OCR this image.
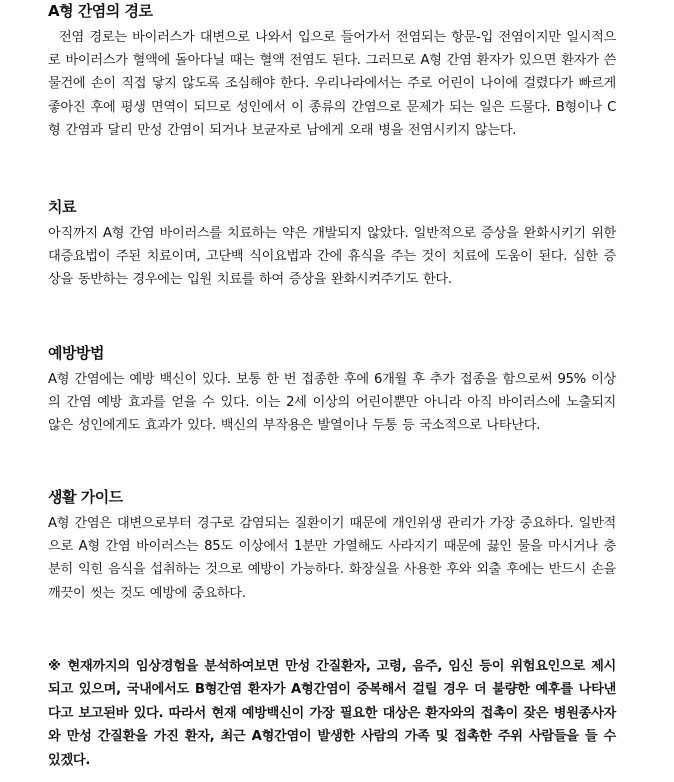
A형 간염의 경로

전염 경로는 바이러스가 대변으로 나와서 입으로 들어가서 전염되는 항문-입 전염이지만 일시적으로 바이러스가 혈액에 돌아다닐 때는 혈액 전염도 된다. 그러므로 A형 간염 환자가 있으면 환자가 쓴 물건에 손이 직접 닿지 않도록 조심해야 한다. 우리나라에서는 주로 어린이 나이에 걸렸다가 빠르게 좋아진 후에 평생 면역이 되므로 성인에서 이 종류의 간염으로 문제가 되는 일은 드물다. B형이나 C형 간염과 달리 만성 간염이 되거나 보균자로 남에게 오래 병을 전염시키지 않는다.

치료

아직까지 A형 간염 바이러스를 치료하는 약은 개발되지 않았다. 일반적으로 증상을 완화시키기 위한 대증요법이 주된 치료이며, 고단백 식이요법과 간에 휴식을 주는 것이 치료에 도움이 된다. 심한 증상을 동반하는 경우에는 입원 치료를 하여 증상을 완화시켜주기도 한다.

예방방법

A형 간염에는 예방 백신이 있다. 보통 한 번 접종한 후에 6개월 후 추가 접종을 함으로써 95% 이상의 간염 예방 효과를 얻을 수 있다. 이는 2세 이상의 어린이뿐만 아니라 아직 바이러스에 노출되지 않은 성인에게도 효과가 있다. 백신의 부작용은 발열이나 두통 등 국소적으로 나타난다.

생활 가이드

A형 간염은 대변으로부터 경구로 감염되는 질환이기 때문에 개인위생 관리가 가장 중요하다. 일반적으로 A형 간염 바이러스는 85도 이상에서 1분만 가열해도 사라지기 때문에 끓인 물을 마시거나 충분히 익힌 음식을 섭취하는 것으로 예방이 가능하다. 화장실을 사용한 후와 외출 후에는 반드시 손을 깨끗이 씻는 것도 예방에 중요하다.

※ 현재까지의 임상경험을 분석하여보면 만성 간질환자, 고령, 음주, 임신 등이 위험요인으로 제시되고 있으며, 국내에서도 B형간염 환자가 A형간염이 중복해서 걸릴 경우 더 불량한 예후를 나타낸다고 보고된바 있다. 따라서 현재 예방백신이 가장 필요한 대상은 환자와의 접촉이 잦은 병원종사자와 만성 간질환을 가진 환자, 최근 A형간염이 발생한 사람의 가족 및 접촉한 주위 사람들을 들 수 있겠다.
